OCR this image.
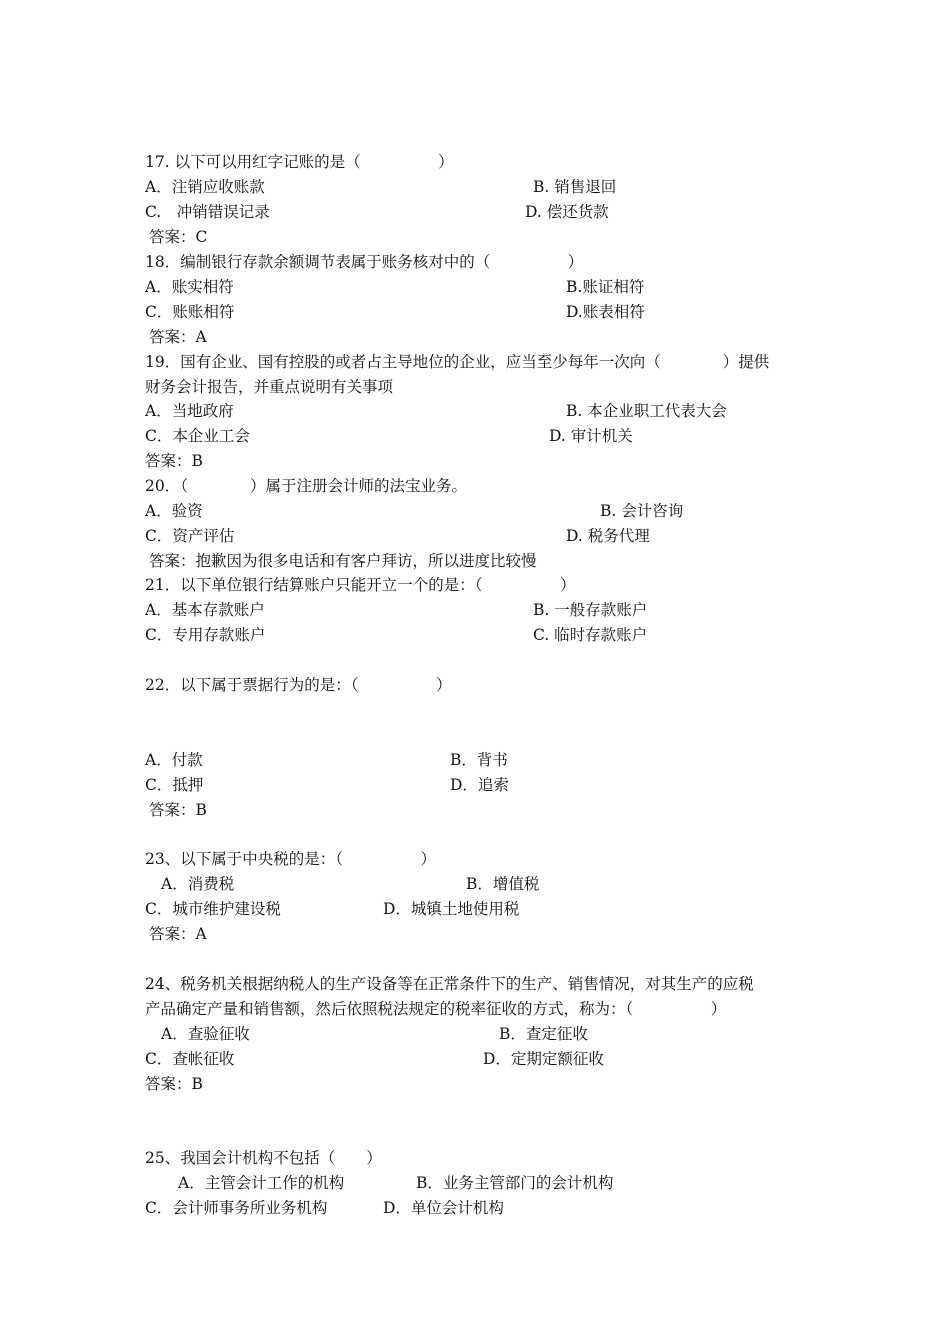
17. 以下可以用红字记账的是（　　　　　）
A．注销应收账款	B. 销售退回
C.　冲销错误记录	D. 偿还货款
答案：C
18．编制银行存款余额调节表属于账务核对中的（　　　　　）
A．账实相符	B.账证相符
C．账账相符	D.账表相符
答案：A
19．国有企业、国有控股的或者占主导地位的企业，应当至少每年一次向（　　　　）提供
财务会计报告，并重点说明有关事项
A．当地政府	B. 本企业职工代表大会
C．本企业工会	D. 审计机关
答案：B
20．（　　　　）属于注册会计师的法宝业务。
A．验资	B. 会计咨询
C．资产评估	D. 税务代理
答案：抱歉因为很多电话和有客户拜访，所以进度比较慢
21．以下单位银行结算账户只能开立一个的是：（　　　　　）
A．基本存款账户	B. 一般存款账户
C．专用存款账户	C. 临时存款账户
22．以下属于票据行为的是：（　　　　　）
A．付款	B．背书
C．抵押	D．追索
答案：B
23、以下属于中央税的是：（　　　　　）
A．消费税	B．增值税
C．城市维护建设税	D．城镇土地使用税
答案：A
24、税务机关根据纳税人的生产设备等在正常条件下的生产、销售情况，对其生产的应税
产品确定产量和销售额，然后依照税法规定的税率征收的方式，称为：（　　　　　）
A．查验征收	B．查定征收
C．查帐征收	D．定期定额征收
答案：B
25、我国会计机构不包括（　　）
A．主管会计工作的机构	B．业务主管部门的会计机构
C．会计师事务所业务机构	D．单位会计机构
